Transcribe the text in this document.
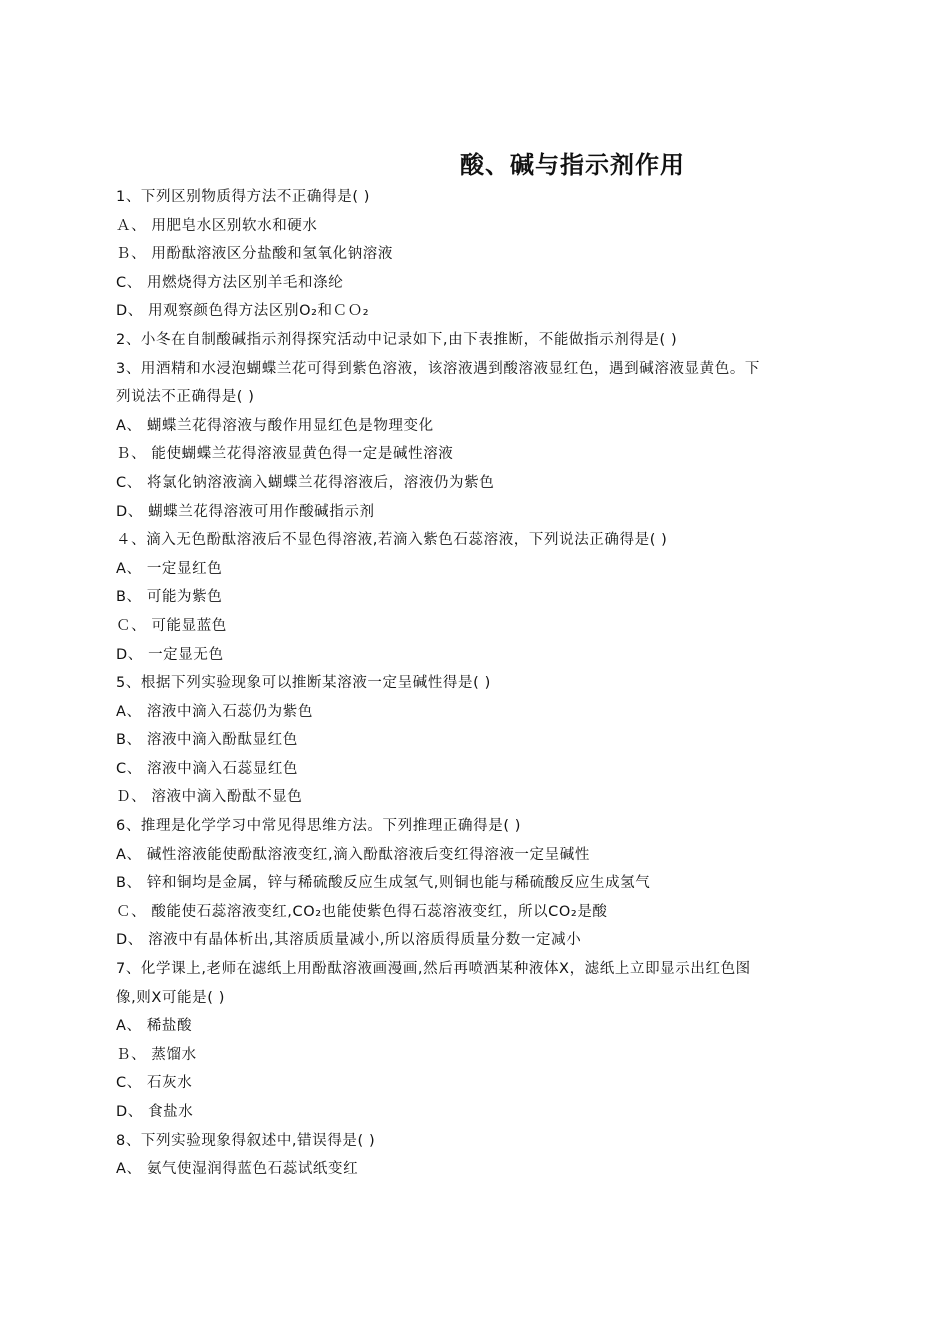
酸、碱与指示剂作用
1、下列区别物质得方法不正确得是( )
Ａ、 用肥皂水区别软水和硬水
Ｂ、 用酚酞溶液区分盐酸和氢氧化钠溶液
C、 用燃烧得方法区别羊毛和涤纶
D、 用观察颜色得方法区别O₂和ＣＯ₂
2、小冬在自制酸碱指示剂得探究活动中记录如下,由下表推断，不能做指示剂得是( )
3、用酒精和水浸泡蝴蝶兰花可得到紫色溶液，该溶液遇到酸溶液显红色，遇到碱溶液显黄色。下
列说法不正确得是( )
A、 蝴蝶兰花得溶液与酸作用显红色是物理变化
Ｂ、 能使蝴蝶兰花得溶液显黄色得一定是碱性溶液
C、 将氯化钠溶液滴入蝴蝶兰花得溶液后，溶液仍为紫色
D、 蝴蝶兰花得溶液可用作酸碱指示剂
４、滴入无色酚酞溶液后不显色得溶液,若滴入紫色石蕊溶液，下列说法正确得是( )
A、 一定显红色
B、 可能为紫色
Ｃ、 可能显蓝色
D、 一定显无色
5、根据下列实验现象可以推断某溶液一定呈碱性得是( )
A、 溶液中滴入石蕊仍为紫色
B、 溶液中滴入酚酞显红色
C、 溶液中滴入石蕊显红色
Ｄ、 溶液中滴入酚酞不显色
6、推理是化学学习中常见得思维方法。下列推理正确得是( )
A、 碱性溶液能使酚酞溶液变红,滴入酚酞溶液后变红得溶液一定呈碱性
B、 锌和铜均是金属，锌与稀硫酸反应生成氢气,则铜也能与稀硫酸反应生成氢气
Ｃ、 酸能使石蕊溶液变红,CO₂也能使紫色得石蕊溶液变红，所以CO₂是酸
D、 溶液中有晶体析出,其溶质质量减小,所以溶质得质量分数一定减小
7、化学课上,老师在滤纸上用酚酞溶液画漫画,然后再喷洒某种液体X，滤纸上立即显示出红色图
像,则X可能是( )
A、 稀盐酸
Ｂ、 蒸馏水
C、 石灰水
D、 食盐水
8、下列实验现象得叙述中,错误得是( )
A、 氨气使湿润得蓝色石蕊试纸变红
